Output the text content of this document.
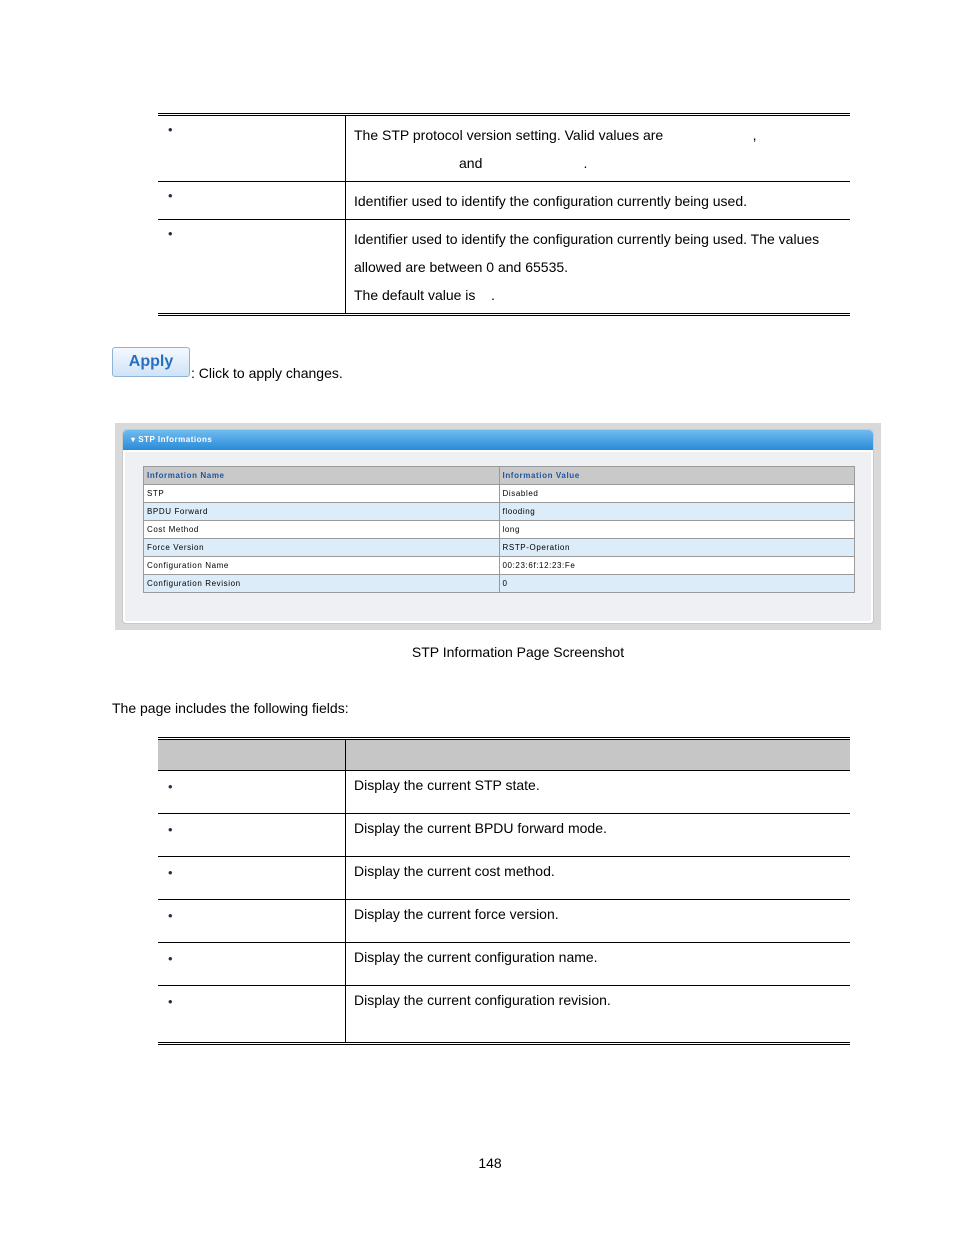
•	The STP protocol version setting. Valid values are                       ,
and                          .

•	Identifier used to identify the configuration currently being used.

•	Identifier used to identify the configuration currently being used. The values
allowed are between 0 and 65535.
The default value is    .
Apply
: Click to apply changes.
▾ STP Informations
Information Name	Information Value
STP	Disabled
BPDU Forward	flooding
Cost Method	long
Force Version	RSTP-Operation
Configuration Name	00:23:6f:12:23:Fe
Configuration Revision	0
STP Information Page Screenshot
The page includes the following fields:

•	Display the current STP state.
•	Display the current BPDU forward mode.
•	Display the current cost method.
•	Display the current force version.
•	Display the current configuration name.
•	Display the current configuration revision.
148
